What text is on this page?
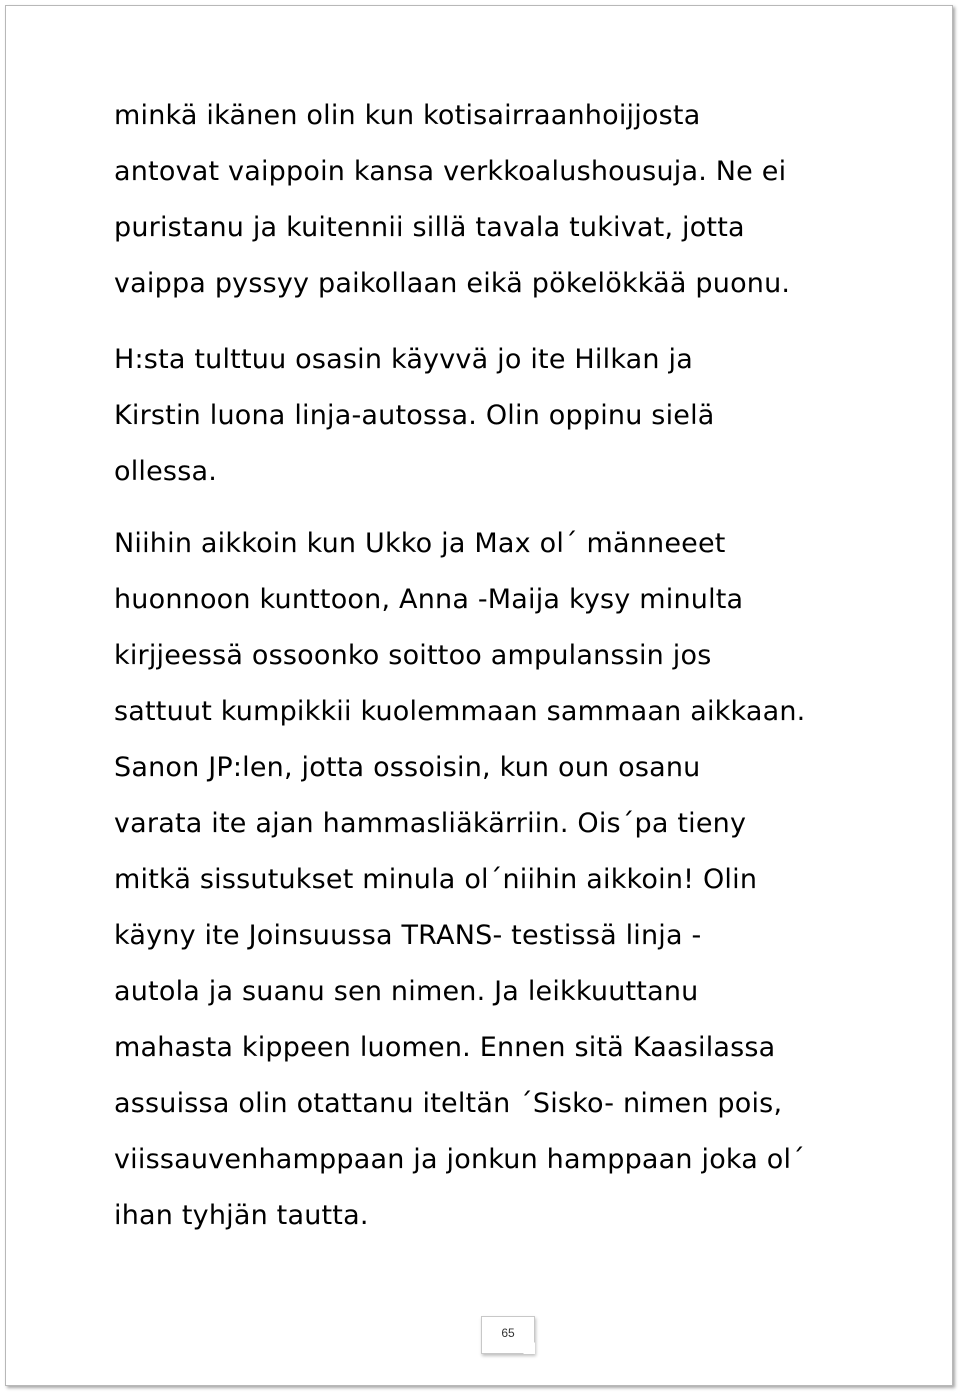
minkä ikänen olin kun kotisairraanhoijjosta
antovat vaippoin kansa verkkoalushousuja. Ne ei
puristanu ja kuitennii sillä tavala tukivat, jotta
vaippa pyssyy paikollaan eikä pökelökkää puonu.
H:sta tulttuu osasin käyvvä jo ite Hilkan ja
Kirstin luona linja-autossa. Olin oppinu sielä
ollessa.
Niihin aikkoin kun Ukko ja Max ol´ männeeet
huonnoon kunttoon, Anna -Maija kysy minulta
kirjjeessä ossoonko soittoo ampulanssin jos
sattuut kumpikkii kuolemmaan sammaan aikkaan.
Sanon JP:len, jotta ossoisin, kun oun osanu
varata ite ajan hammasliäkärriin. Ois´pa tieny
mitkä sissutukset minula ol´niihin aikkoin! Olin
käyny ite Joinsuussa TRANS- testissä linja -
autola ja suanu sen nimen. Ja leikkuuttanu
mahasta kippeen luomen. Ennen sitä Kaasilassa
assuissa olin otattanu iteltän ´Sisko- nimen pois,
viissauvenhamppaan ja jonkun hamppaan joka ol´
ihan tyhjän tautta.
65
